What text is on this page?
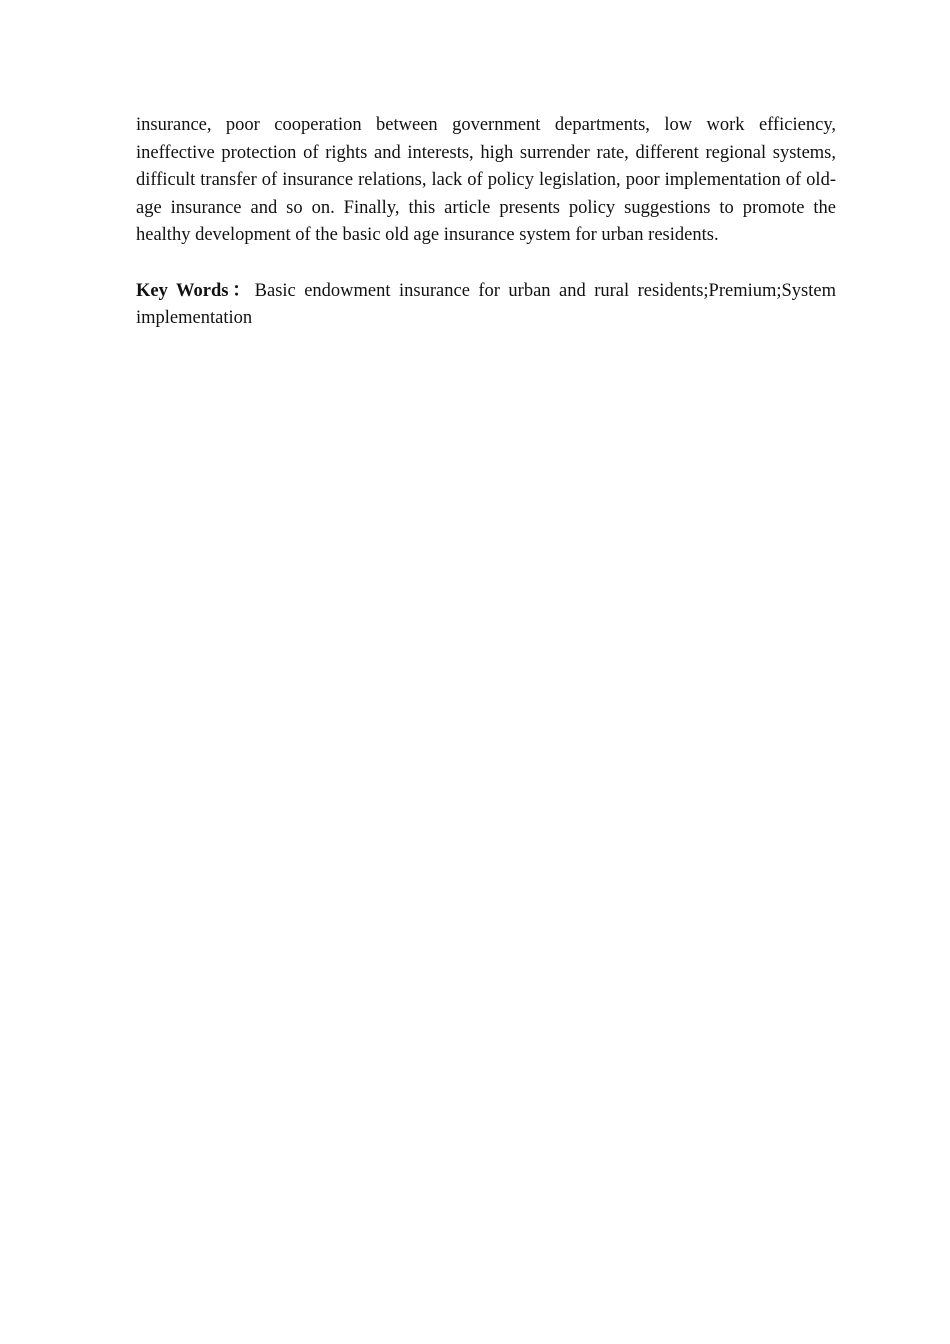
insurance, poor cooperation between government departments, low work efficiency, ineffective protection of rights and interests, high surrender rate, different regional systems, difficult transfer of insurance relations, lack of policy legislation, poor implementation of old-age insurance and so on. Finally, this article presents policy suggestions to promote the healthy development of the basic old age insurance system for urban residents.

Key Words：Basic endowment insurance for urban and rural residents;Premium;System implementation
